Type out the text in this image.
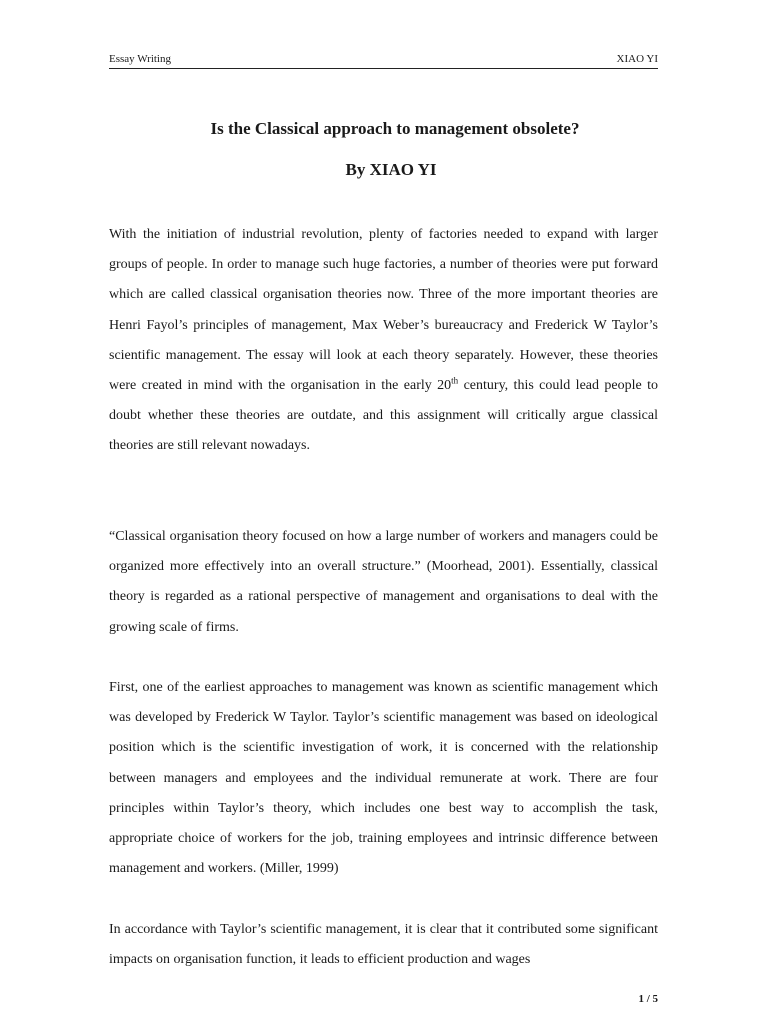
Essay Writing	XIAO YI
Is the Classical approach to management obsolete?
By XIAO YI

With the initiation of industrial revolution, plenty of factories needed to expand with larger groups of people. In order to manage such huge factories, a number of theories were put forward which are called classical organisation theories now. Three of the more important theories are Henri Fayol’s principles of management, Max Weber’s bureaucracy and Frederick W Taylor’s scientific management. The essay will look at each theory separately. However, these theories were created in mind with the organisation in the early 20th century, this could lead people to doubt whether these theories are outdate, and this assignment will critically argue classical theories are still relevant nowadays.

“Classical organisation theory focused on how a large number of workers and managers could be organized more effectively into an overall structure.” (Moorhead, 2001). Essentially, classical theory is regarded as a rational perspective of management and organisations to deal with the growing scale of firms.

First, one of the earliest approaches to management was known as scientific management which was developed by Frederick W Taylor. Taylor’s scientific management was based on ideological position which is the scientific investigation of work, it is concerned with the relationship between managers and employees and the individual remunerate at work. There are four principles within Taylor’s theory, which includes one best way to accomplish the task, appropriate choice of workers for the job, training employees and intrinsic difference between management and workers. (Miller, 1999)

In accordance with Taylor’s scientific management, it is clear that it contributed some significant impacts on organisation function, it leads to efficient production and wages

1 / 5
